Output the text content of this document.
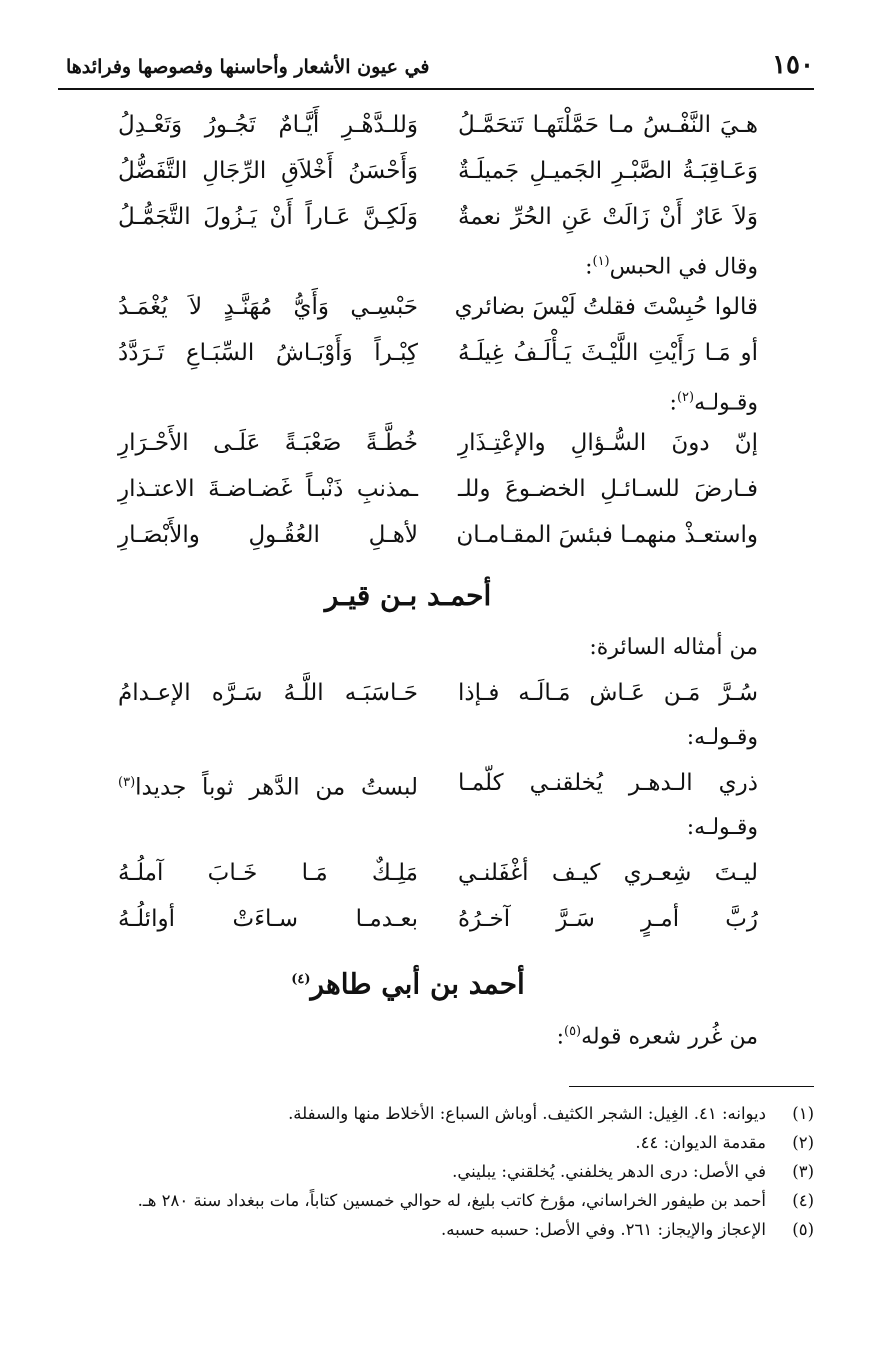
١٥٠
في عيون الأشعار وأحاسنها وفصوصها وفرائدها
هـيَ النَّفْـسُ مـا حَمَّلْتَهـا تَتحَمَّـلُ
وَللـدَّهْـرِ أَيَّـامٌ تَجُـورُ وَتَعْـدِلُ
وَعَـاقِبَـةُ الصَّبْـرِ الجَميـلِ جَميلَـةٌ
وَأَحْسَنُ أَخْلاَقِ الرِّجَالِ التَّفَضُّلُ
وَلاَ عَارٌ أَنْ زَالَتْ عَنِ الحُرِّ نعمةٌ
وَلَكِـنَّ عَـاراً أَنْ يَـزُولَ التَّجَمُّـلُ
وقال في الحبس$^{(١)}$:
قالوا حُبِسْتَ فقلتُ لَيْسَ بضائري
حَبْسِـي وَأَيُّ مُهَنَّـدٍ لاَ يُغْمَـدُ
أو مَـا رَأَيْتِ اللَّيْـثَ يَـأْلَـفُ غِيلَـهُ
كِبْـراً وَأَوْبَـاشُ السِّبَـاعِ تَـرَدَّدُ
وقـولـه$^{(٢)}$:
إنّ دونَ السُّـؤالِ والإعْتِـذَارِ
خُطَّـةً صَعْبَـةً عَلَـى الأَحْـرَارِ
فـارضَ للسـائـلِ الخضـوعَ وللـ
ـمذنبِ ذَنْبـاً غَضـاضـةَ الاعتـذارِ
واستعـذْ منهمـا فبئسَ المقـامـان
لأهـلِ العُقُـولِ والأَبْصَـارِ
أحمـد بـن قيـر
من أمثاله السائرة:
سُـرَّ مَـن عَـاش مَـالَـه فـإذا
حَـاسَبَـه اللَّـهُ سَـرَّه الإعـدامُ
وقـولـه:
ذري الـدهـر يُخلقنـي كلّمـا
لبستُ من الدَّهر ثوباً جديدا$^{(٣)}$
وقـولـه:
ليـتَ شِعـري كيـف أغْفَلنـي
مَلِـكٌ مَـا خَـابَ آملُـهُ
رُبَّ أمـرٍ سَـرَّ آخـرُهُ
بعـدمـا سـاءَتْ أوائلُـهُ
أحمد بن أبي طاهر$^{(٤)}$
من غُرر شعره قوله$^{(٥)}$:
(١)
ديوانه: ٤١. الغِيل: الشجر الكثيف. أوباش السباع: الأخلاط منها والسفلة.
(٢)
مقدمة الديوان: ٤٤.
(٣)
في الأصل: درى الدهر يخلفني. يُخلقني: يبليني.
(٤)
أحمد بن طيفور الخراساني، مؤرخ كاتب بليغ، له حوالي خمسين كتاباً، مات ببغداد سنة ٢٨٠ هـ.
(٥)
الإعجاز والإيجاز: ٢٦١. وفي الأصل: حسبه حسبه.
